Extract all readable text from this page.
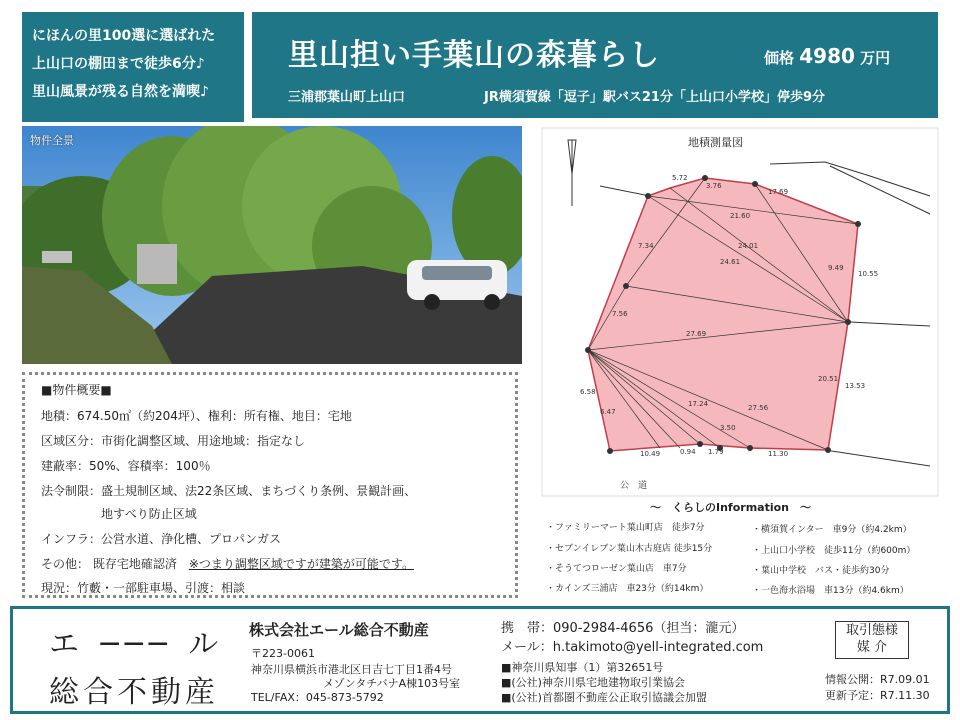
にほんの里100選に選ばれた
上山口の棚田まで徒歩6分♪
里山風景が残る自然を満喫♪
里山担い手葉山の森暮らし	価格 4980 万円
三浦郡葉山町上山口	JR横須賀線「逗子」駅バス21分「上山口小学校」停歩9分
物件全景
■物件概要■
地積：674.50㎡（約204坪）、権利：所有権、地目：宅地
区域区分：市街化調整区域、用途地域：指定なし
建蔽率：50%、容積率：100％
法令制限：盛土規制区域、法22条区域、まちづくり条例、景観計画、
　　　　　地すべり防止区域
インフラ：公営水道、浄化槽、プロパンガス
その他： 既存宅地確認済　 ※つまり調整区域ですが建築が可能です。
現況：竹藪・一部駐車場、引渡：相談
5.72
3.76
17.69
21.60
24.01
24.61
9.49
10.55
7.34
27.69
6.58
17.24	27.56
20.51
13.53
11.30
10.49
7.56
6.47
1.79
0.94
3.50
公　道
地積測量図
～　くらしのInformation　～
・ファミリーマート葉山町店　徒歩7分
・セブンイレブン葉山木古庭店 徒歩15分
・そうてつローゼン葉山店　車7分
・カインズ三浦店　車23分（約14km）
・横須賀インター　車9分（約4.2km）
・上山口小学校　徒歩11分（約600m）
・葉山中学校　バス・徒歩約30分
・一色海水浴場　車13分（約4.6km）
エ ─── ル
総合不動産
株式会社エール総合不動産
〒223-0061
神奈川県横浜市港北区日吉七丁目1番4号
メゾンタチバナA棟103号室
TEL/FAX：045-873-5792
携　帯：090-2984-4656（担当：瀧元）
メール：h.takimoto@yell-integrated.com
■神奈川県知事（1）第32651号
■(公社)神奈川県宅地建物取引業協会
■(公社)首都圏不動産公正取引協議会加盟
取引態様
媒 介
情報公開：R7.09.01
更新予定：R7.11.30
